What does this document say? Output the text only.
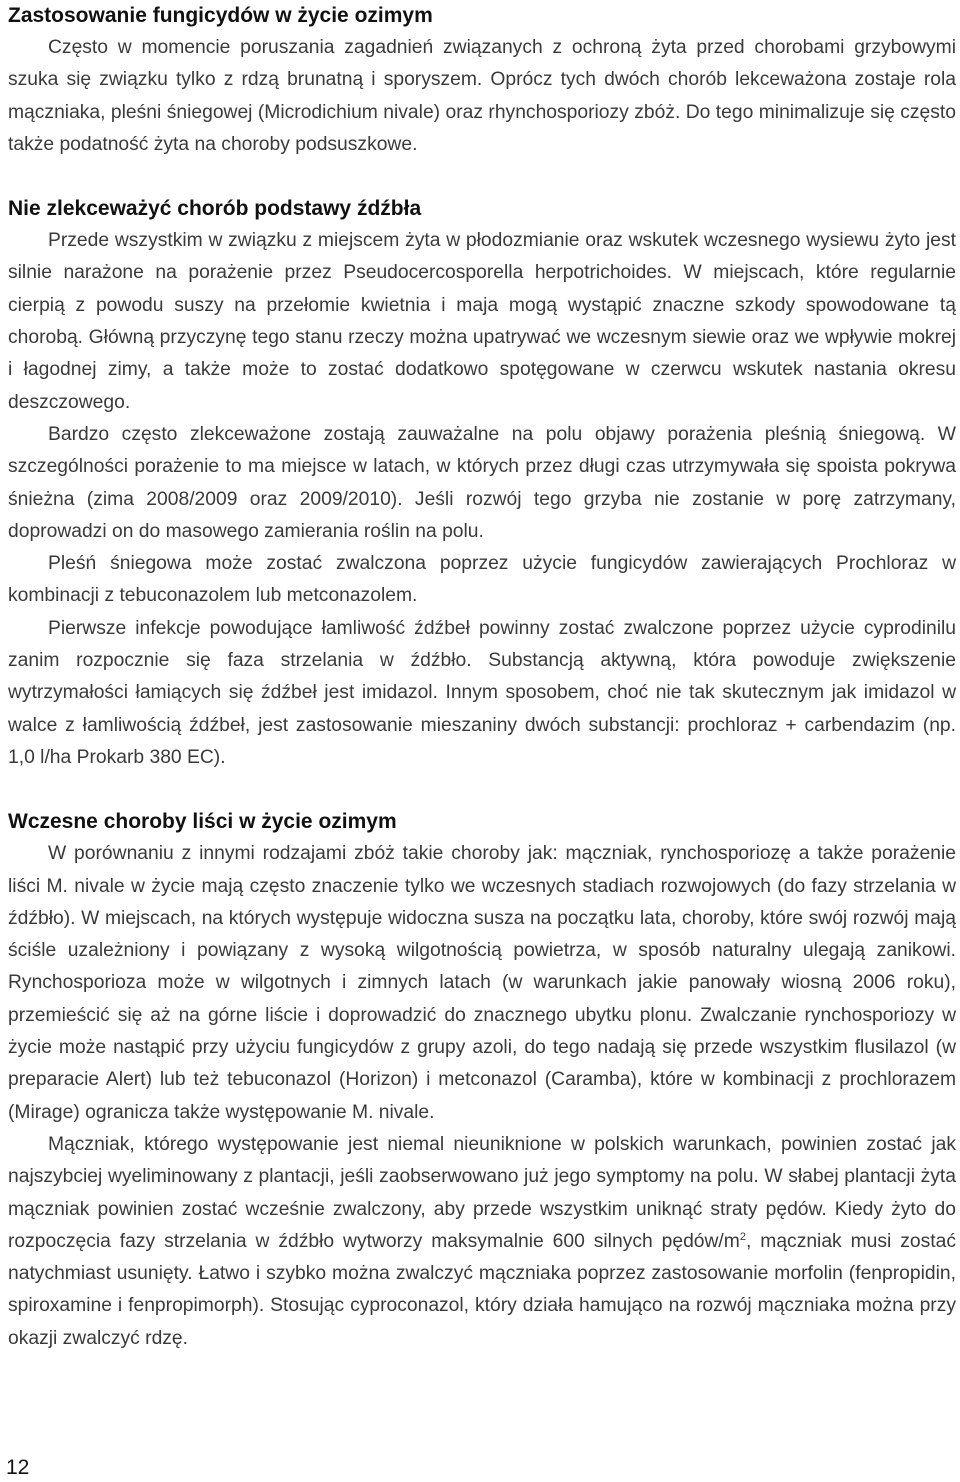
Zastosowanie fungicydów w życie ozimym

Często w momencie poruszania zagadnień związanych z ochroną żyta przed chorobami grzybowymi szuka się związku tylko z rdzą brunatną i sporyszem. Oprócz tych dwóch chorób lekceważona zostaje rola mączniaka, pleśni śniegowej (Microdichium nivale) oraz rhynchosporiozy zbóż. Do tego minimalizuje się często także podatność żyta na choroby podsuszkowe.

Nie zlekceważyć chorób podstawy źdźbła

Przede wszystkim w związku z miejscem żyta w płodozmianie oraz wskutek wczesnego wysiewu żyto jest silnie narażone na porażenie przez Pseudocercosporella herpotrichoides. W miejscach, które regularnie cierpią z powodu suszy na przełomie kwietnia i maja mogą wystąpić znaczne szkody spowodowane tą chorobą. Główną przyczynę tego stanu rzeczy można upatrywać we wczesnym siewie oraz we wpływie mokrej i łagodnej zimy, a także może to zostać dodatkowo spotęgowane w czerwcu wskutek nastania okresu deszczowego.

Bardzo często zlekceważone zostają zauważalne na polu objawy porażenia pleśnią śniegową. W szczególności porażenie to ma miejsce w latach, w których przez długi czas utrzymywała się spoista pokrywa śnieżna (zima 2008/2009 oraz 2009/2010). Jeśli rozwój tego grzyba nie zostanie w porę zatrzymany, doprowadzi on do masowego zamierania roślin na polu.

Pleśń śniegowa może zostać zwalczona poprzez użycie fungicydów zawierających Prochloraz w kombinacji z tebuconazolem lub metconazolem.

Pierwsze infekcje powodujące łamliwość źdźbeł powinny zostać zwalczone poprzez użycie cyprodinilu zanim rozpocznie się faza strzelania w źdźbło. Substancją aktywną, która powoduje zwiększenie wytrzymałości łamiących się źdźbeł jest imidazol. Innym sposobem, choć nie tak skutecznym jak imidazol w walce z łamliwością źdźbeł, jest zastosowanie mieszaniny dwóch substancji: prochloraz + carbendazim (np. 1,0 l/ha Prokarb 380 EC).

Wczesne choroby liści w życie ozimym

W porównaniu z innymi rodzajami zbóż takie choroby jak: mączniak, rynchosporiozę a także porażenie liści M. nivale w życie mają często znaczenie tylko we wczesnych stadiach rozwojowych (do fazy strzelania w źdźbło). W miejscach, na których występuje widoczna susza na początku lata, choroby, które swój rozwój mają ściśle uzależniony i powiązany z wysoką wilgotnością powietrza, w sposób naturalny ulegają zanikowi. Rynchosporioza może w wilgotnych i zimnych latach (w warunkach jakie panowały wiosną 2006 roku), przemieścić się aż na górne liście i doprowadzić do znacznego ubytku plonu. Zwalczanie rynchosporiozy w życie może nastąpić przy użyciu fungicydów z grupy azoli, do tego nadają się przede wszystkim flusilazol (w preparacie Alert) lub też tebuconazol (Horizon) i metconazol (Caramba), które w kombinacji z prochlorazem (Mirage) ogranicza także występowanie M. nivale.

Mączniak, którego występowanie jest niemal nieuniknione w polskich warunkach, powinien zostać jak najszybciej wyeliminowany z plantacji, jeśli zaobserwowano już jego symptomy na polu. W słabej plantacji żyta mączniak powinien zostać wcześnie zwalczony, aby przede wszystkim uniknąć straty pędów. Kiedy żyto do rozpoczęcia fazy strzelania w źdźbło wytworzy maksymalnie 600 silnych pędów/$m^2$, mączniak musi zostać natychmiast usunięty. Łatwo i szybko można zwalczyć mączniaka poprzez zastosowanie morfolin (fenpropidin, spiroxamine i fenpropimorph). Stosując cyproconazol, który działa hamująco na rozwój mączniaka można przy okazji zwalczyć rdzę.

12
